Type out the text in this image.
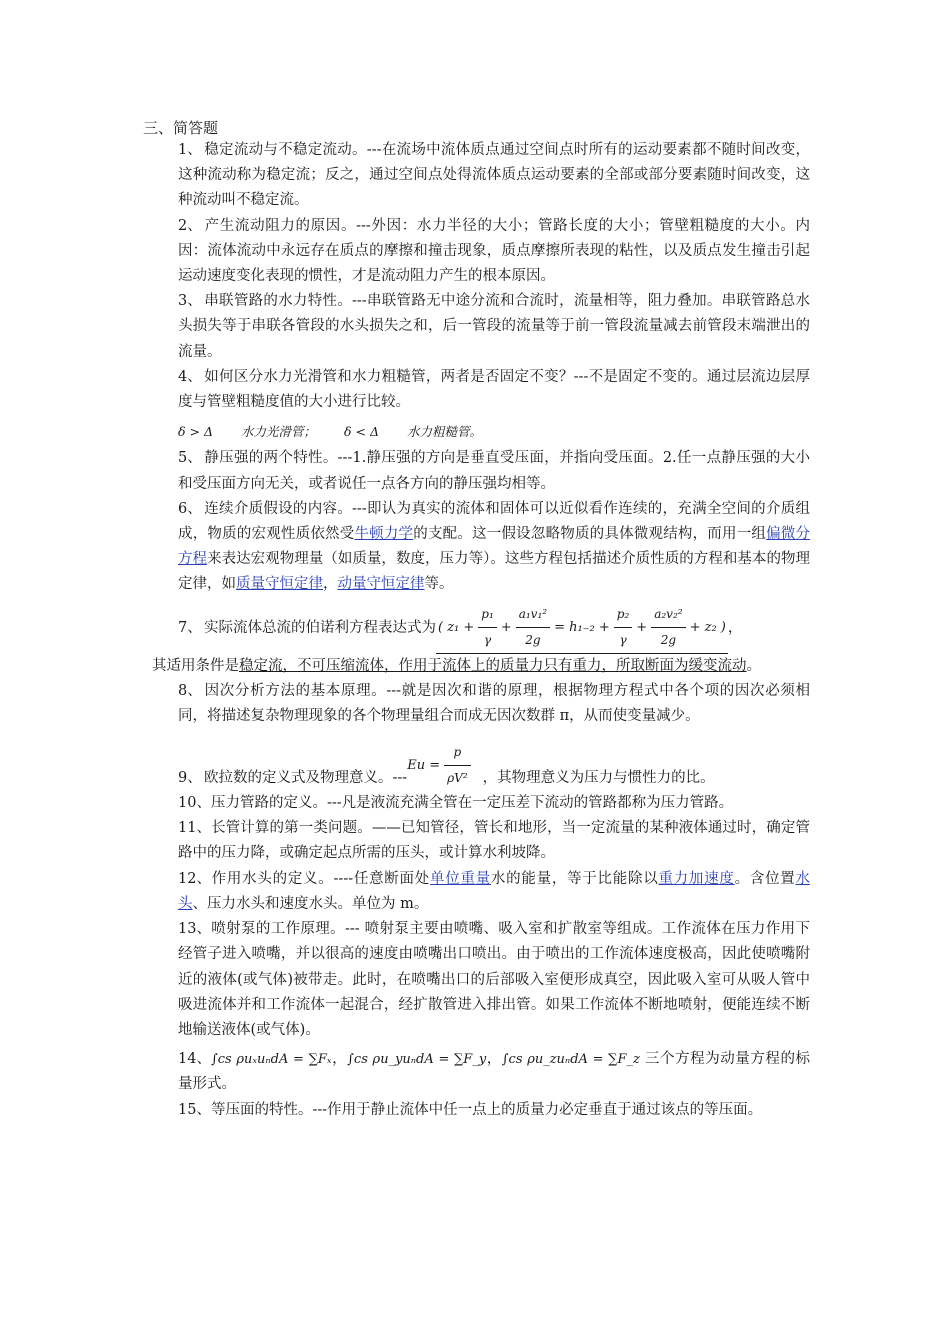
三、简答题

1、 稳定流动与不稳定流动。---在流场中流体质点通过空间点时所有的运动要素都不随时间改变，这种流动称为稳定流；反之，通过空间点处得流体质点运动要素的全部或部分要素随时间改变，这种流动叫不稳定流。

2、 产生流动阻力的原因。---外因：水力半径的大小；管路长度的大小；管壁粗糙度的大小。内因：流体流动中永远存在质点的摩擦和撞击现象，质点摩擦所表现的粘性，以及质点发生撞击引起运动速度变化表现的惯性，才是流动阻力产生的根本原因。

3、 串联管路的水力特性。---串联管路无中途分流和合流时，流量相等，阻力叠加。串联管路总水头损失等于串联各管段的水头损失之和，后一管段的流量等于前一管段流量减去前管段末端泄出的流量。

4、 如何区分水力光滑管和水力粗糙管，两者是否固定不变？---不是固定不变的。通过层流边层厚度与管壁粗糙度值的大小进行比较。

δ > Δ 水力光滑管； δ < Δ 水力粗糙管。

5、 静压强的两个特性。---1.静压强的方向是垂直受压面，并指向受压面。2.任一点静压强的大小和受压面方向无关，或者说任一点各方向的静压强均相等。

6、 连续介质假设的内容。---即认为真实的流体和固体可以近似看作连续的，充满全空间的介质组成，物质的宏观性质依然受牛顿力学的支配。这一假设忽略物质的具体微观结构，而用一组偏微分方程来表达宏观物理量（如质量，数度，压力等）。这些方程包括描述介质性质的方程和基本的物理定律，如质量守恒定律，动量守恒定律等。

7、 实际流体总流的伯诺利方程表达式为 ( $z_1 + \frac{\text{p₁}}{\gamma} + \frac{\text{a₁v₁²}}{2g} = h_{1-2} + \frac{\text{p₂}}{\gamma} + \frac{\text{a₂v₂²}}{2g} + z_2$ ) ，
其适用条件是稳定流，不可压缩流体，作用于流体上的质量力只有重力，所取断面为缓变流动。

8、 因次分析方法的基本原理。---就是因次和谐的原理，根据物理方程式中各个项的因次必须相同，将描述复杂物理现象的各个物理量组合而成无因次数群 π，从而使变量减少。

9、 欧拉数的定义式及物理意义。$---Eu = \frac{p}{\text{ρV²}}$ ，其物理意义为压力与惯性力的比。

10、压力管路的定义。---凡是液流充满全管在一定压差下流动的管路都称为压力管路。

11、长管计算的第一类问题。——已知管径，管长和地形，当一定流量的某种液体通过时，确定管路中的压力降，或确定起点所需的压头，或计算水利坡降。

12、作用水头的定义。----任意断面处单位重量水的能量，等于比能除以重力加速度。含位置水头、压力水头和速度水头。单位为 m。

13、喷射泵的工作原理。--- 喷射泵主要由喷嘴、吸入室和扩散室等组成。工作流体在压力作用下经管子进入喷嘴，并以很高的速度由喷嘴出口喷出。由于喷出的工作流体速度极高，因此使喷嘴附近的液体(或气体)被带走。此时，在喷嘴出口的后部吸入室便形成真空，因此吸入室可从吸人管中吸进流体并和工作流体一起混合，经扩散管进入排出管。如果工作流体不断地喷射，便能连续不断地输送液体(或气体)。

14、∫cs ρuₓuₙdA = ∑Fₓ，∫cs ρu_yuₙdA = ∑F_y，∫cs ρu_zuₙdA = ∑F_z 三个方程为动量方程的标量形式。

15、等压面的特性。---作用于静止流体中任一点上的质量力必定垂直于通过该点的等压面。
